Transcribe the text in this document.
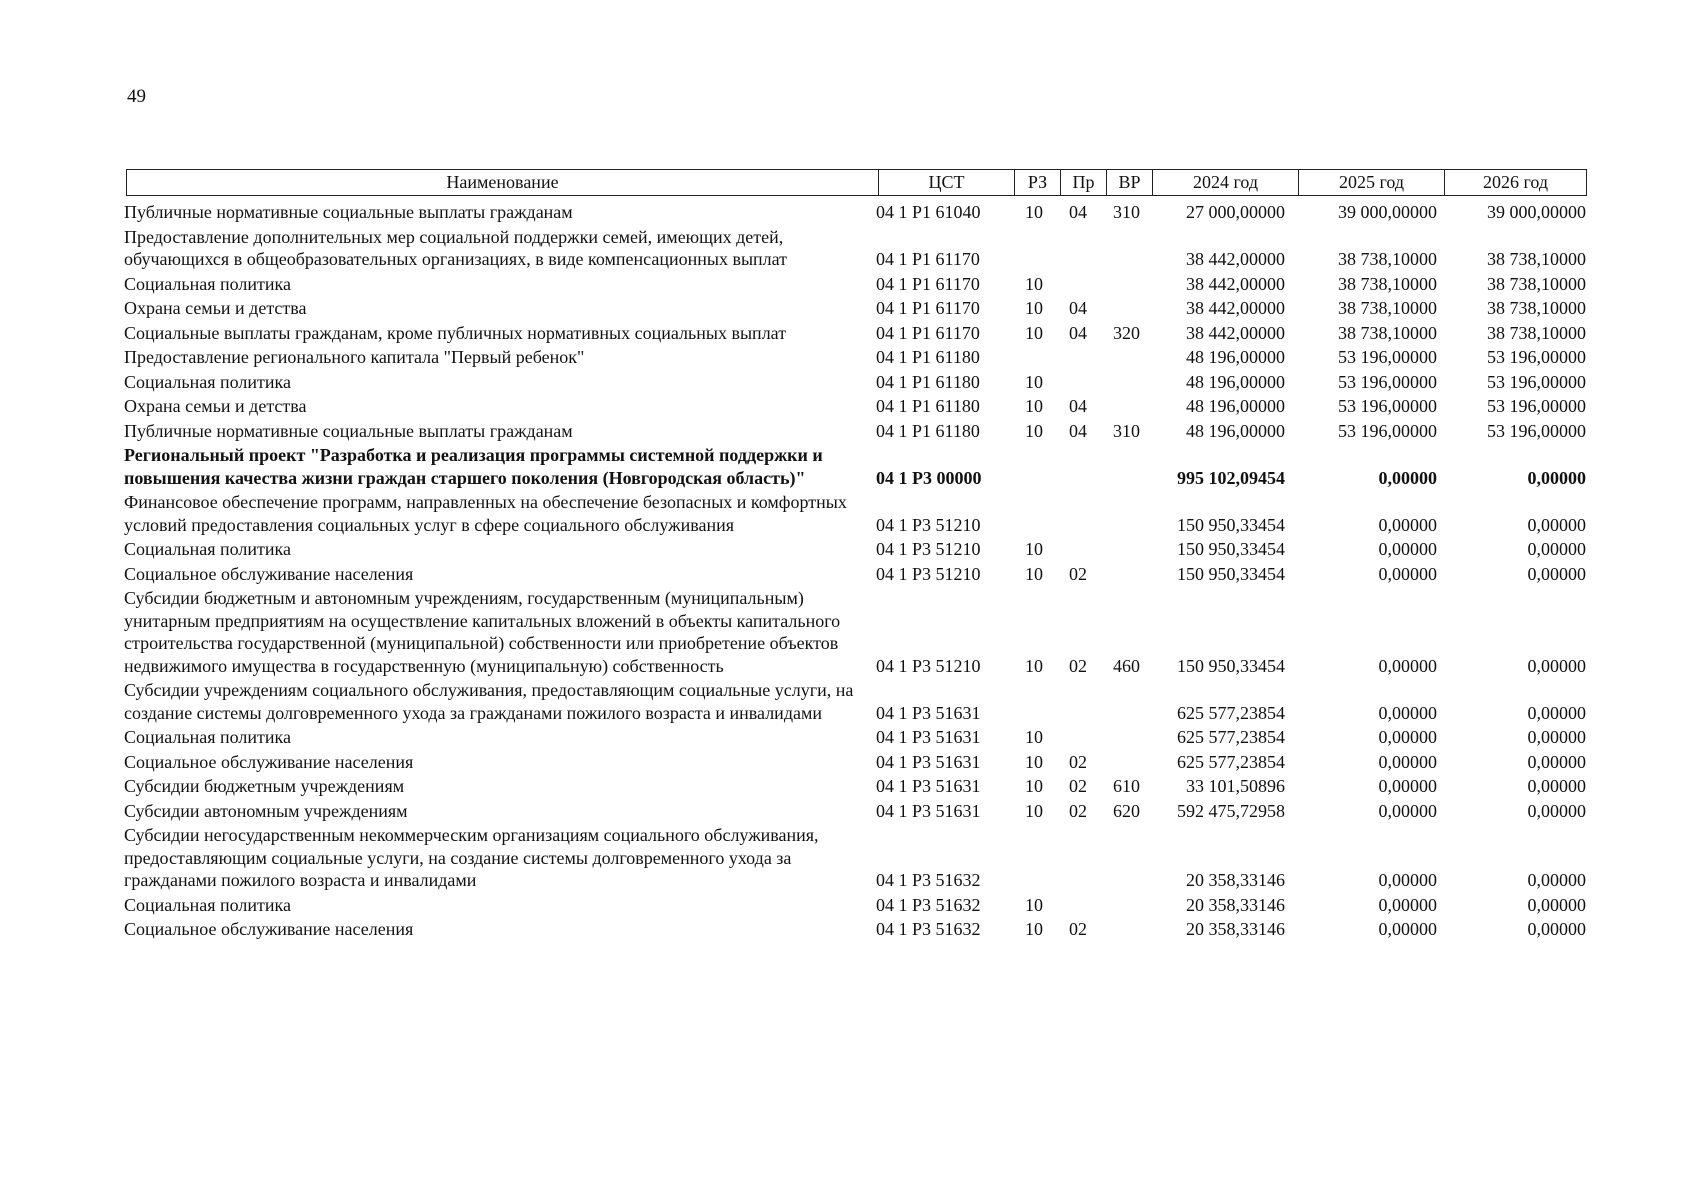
49
Наименование	ЦСТ	РЗ	Пр	ВР	2024 год	2025 год	2026 год
Публичные нормативные социальные выплаты гражданам	04 1 P1 61040	10	04	310	27 000,00000	39 000,00000	39 000,00000
Предоставление дополнительных мер социальной поддержки семей, имеющих детей, обучающихся в общеобразовательных организациях, в виде компенсационных выплат	04 1 P1 61170				38 442,00000	38 738,10000	38 738,10000
Социальная политика	04 1 P1 61170	10			38 442,00000	38 738,10000	38 738,10000
Охрана семьи и детства	04 1 P1 61170	10	04		38 442,00000	38 738,10000	38 738,10000
Социальные выплаты гражданам, кроме публичных нормативных социальных выплат	04 1 P1 61170	10	04	320	38 442,00000	38 738,10000	38 738,10000
Предоставление регионального капитала "Первый ребенок"	04 1 P1 61180				48 196,00000	53 196,00000	53 196,00000
Социальная политика	04 1 P1 61180	10			48 196,00000	53 196,00000	53 196,00000
Охрана семьи и детства	04 1 P1 61180	10	04		48 196,00000	53 196,00000	53 196,00000
Публичные нормативные социальные выплаты гражданам	04 1 P1 61180	10	04	310	48 196,00000	53 196,00000	53 196,00000
Региональный проект "Разработка и реализация программы системной поддержки и повышения качества жизни граждан старшего поколения (Новгородская область)"	04 1 P3 00000				995 102,09454	0,00000	0,00000
Финансовое обеспечение программ, направленных на обеспечение безопасных и комфортных условий предоставления социальных услуг в сфере социального обслуживания	04 1 P3 51210				150 950,33454	0,00000	0,00000
Социальная политика	04 1 P3 51210	10			150 950,33454	0,00000	0,00000
Социальное обслуживание населения	04 1 P3 51210	10	02		150 950,33454	0,00000	0,00000
Субсидии бюджетным и автономным учреждениям, государственным (муниципальным) унитарным предприятиям на осуществление капитальных вложений в объекты капитального строительства государственной (муниципальной) собственности или приобретение объектов недвижимого имущества в государственную (муниципальную) собственность	04 1 P3 51210	10	02	460	150 950,33454	0,00000	0,00000
Субсидии учреждениям социального обслуживания, предоставляющим социальные услуги, на создание системы долговременного ухода за гражданами пожилого возраста и инвалидами	04 1 P3 51631				625 577,23854	0,00000	0,00000
Социальная политика	04 1 P3 51631	10			625 577,23854	0,00000	0,00000
Социальное обслуживание населения	04 1 P3 51631	10	02		625 577,23854	0,00000	0,00000
Субсидии бюджетным учреждениям	04 1 P3 51631	10	02	610	33 101,50896	0,00000	0,00000
Субсидии автономным учреждениям	04 1 P3 51631	10	02	620	592 475,72958	0,00000	0,00000
Субсидии негосударственным некоммерческим организациям социального обслуживания, предоставляющим социальные услуги, на создание системы долговременного ухода за гражданами пожилого возраста и инвалидами	04 1 P3 51632				20 358,33146	0,00000	0,00000
Социальная политика	04 1 P3 51632	10			20 358,33146	0,00000	0,00000
Социальное обслуживание населения	04 1 P3 51632	10	02		20 358,33146	0,00000	0,00000
